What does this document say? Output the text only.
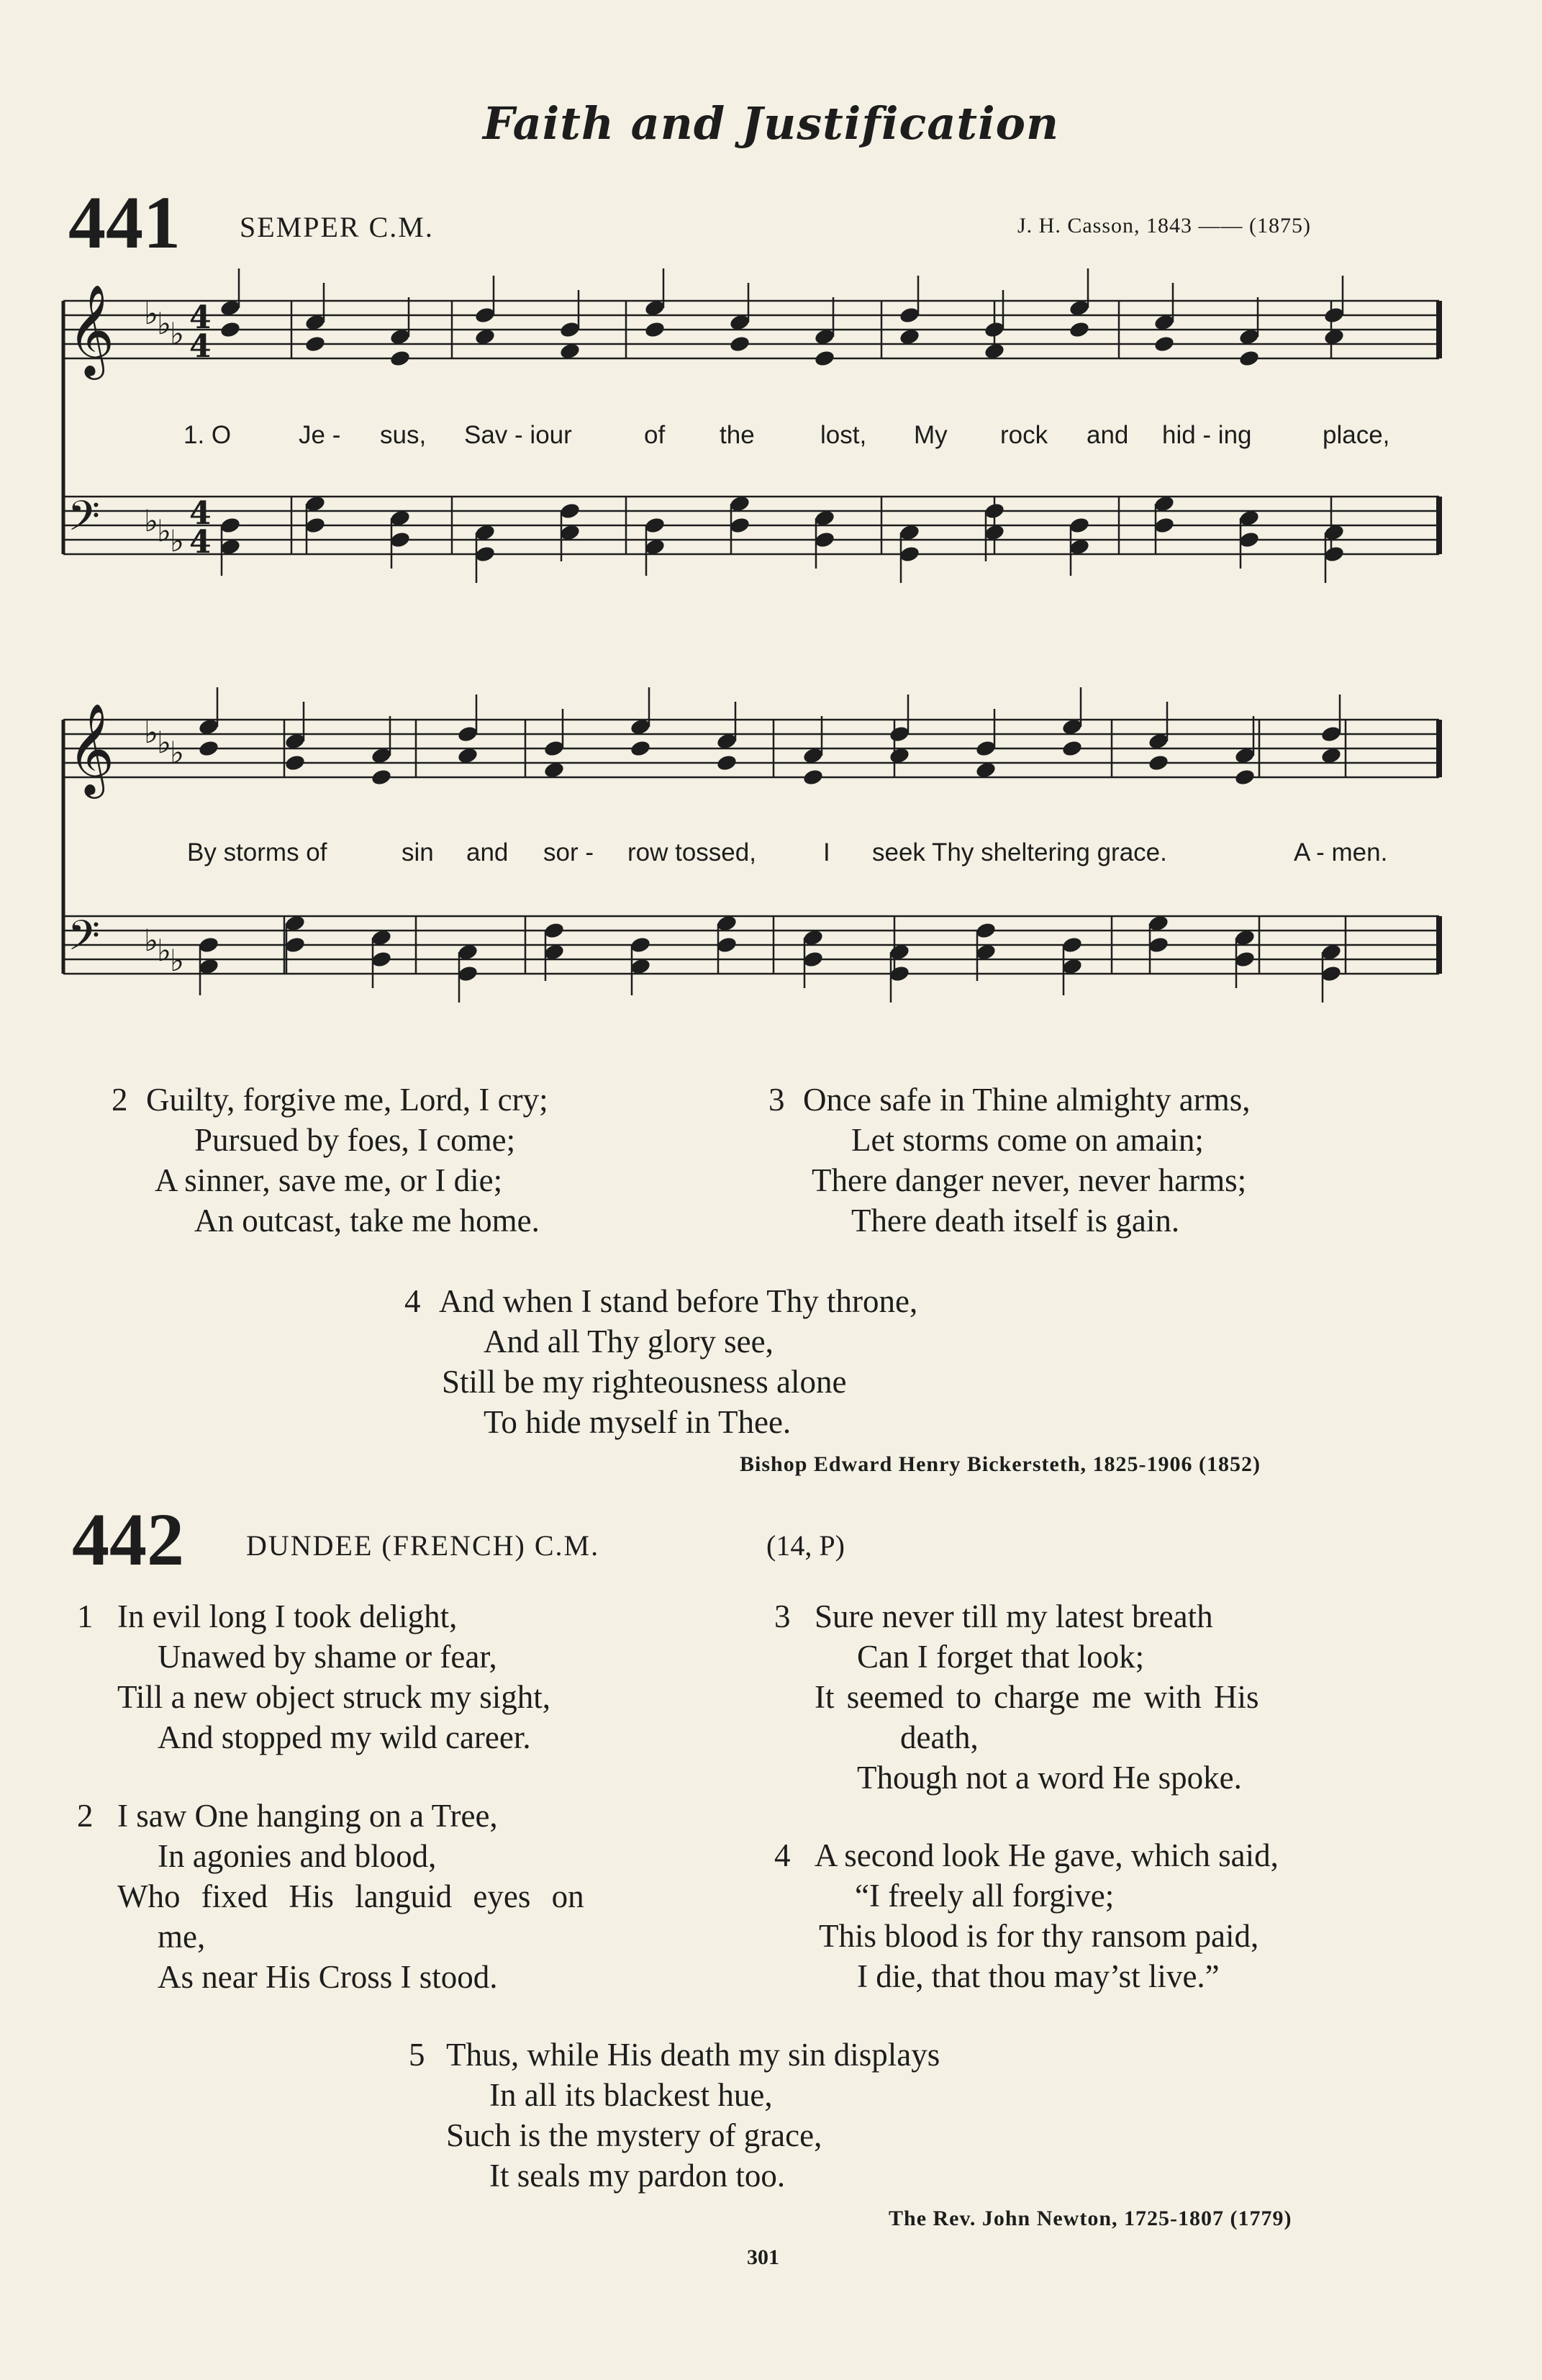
Faith and Justification
441 SEMPER C.M.	J. H. Casson, 1843 —— (1875)
𝄞 ♭
♭
♭ 4
4
𝄢 ♭
♭
♭
4
4
𝄞 ♭
♭
♭
𝄢 ♭
♭
♭
1. O	Je - sus, Sav - iour	of the	lost, My rock and hid - ing	place,
By storms of	sin and sor - row tossed,	I seek Thy sheltering grace.	A - men.
2 Guilty, forgive me, Lord, I cry;
Pursued by foes, I come;
A sinner, save me, or I die;
An outcast, take me home.
3 Once safe in Thine almighty arms,
Let storms come on amain;
There danger never, never harms;
There death itself is gain.
4 And when I stand before Thy throne,
And all Thy glory see,
Still be my righteousness alone
To hide myself in Thee.
Bishop Edward Henry Bickersteth, 1825-1906 (1852)
442 DUNDEE (FRENCH) C.M.	(14, P)
1 In evil long I took delight,
Unawed by shame or fear,
Till a new object struck my sight,
And stopped my wild career.
2 I saw One hanging on a Tree,
In agonies and blood,
Who fixed His languid eyes on
me,
As near His Cross I stood.
3 Sure never till my latest breath
Can I forget that look;
It seemed to charge me with His
death,
Though not a word He spoke.
4 A second look He gave, which said,
“I freely all forgive;
This blood is for thy ransom paid,
I die, that thou may’st live.”
5 Thus, while His death my sin displays
In all its blackest hue,
Such is the mystery of grace,
It seals my pardon too.
The Rev. John Newton, 1725-1807 (1779)
301
